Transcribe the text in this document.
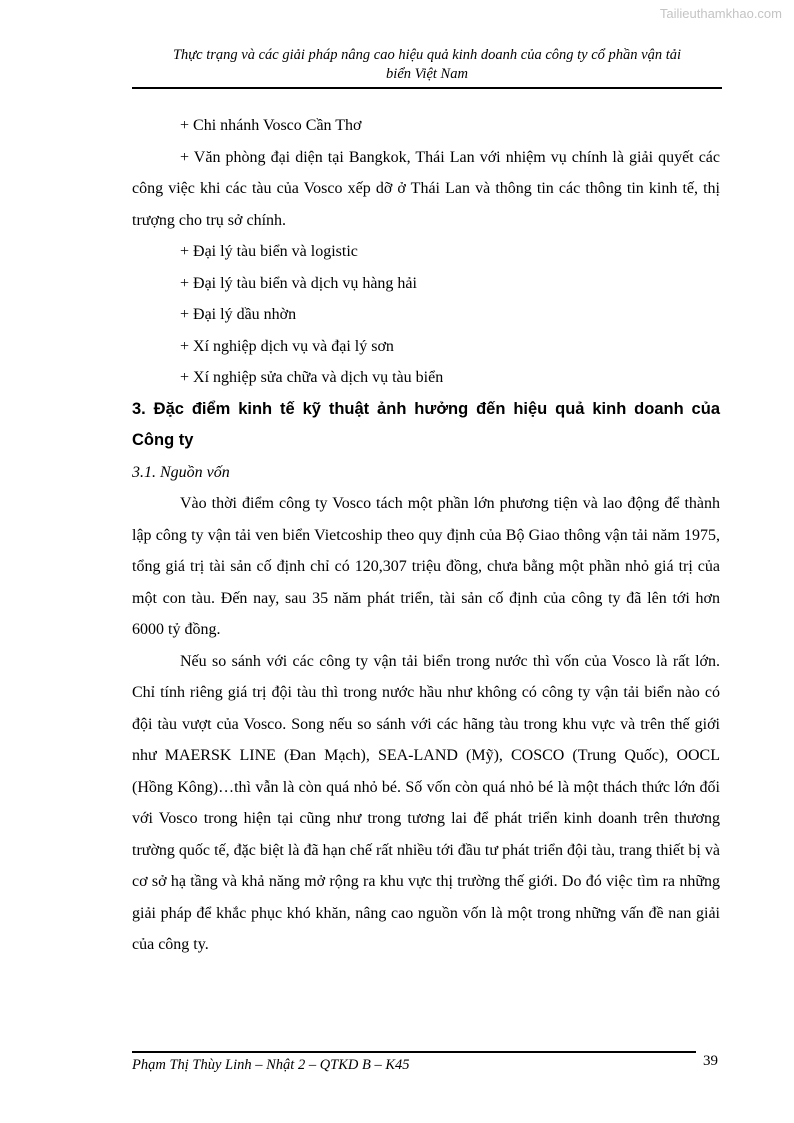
Tailieuthamkhao.com
Thực trạng và các giải pháp nâng cao hiệu quả kinh doanh của công ty cổ phần vận tải
biển Việt Nam
+ Chi nhánh Vosco Cần Thơ

+ Văn phòng đại diện tại Bangkok, Thái Lan với nhiệm vụ chính là giải quyết các công việc khi các tàu của Vosco xếp dỡ ở Thái Lan và thông tin các thông tin kinh tế, thị trượng cho trụ sở chính.

+ Đại lý tàu biển và logistic
+ Đại lý tàu biển và dịch vụ hàng hải
+ Đại lý dầu nhờn
+ Xí nghiệp dịch vụ và đại lý sơn
+ Xí nghiệp sửa chữa và dịch vụ tàu biển

3. Đặc điểm kinh tế kỹ thuật ảnh hưởng đến hiệu quả kinh doanh của Công ty

3.1. Nguồn vốn

Vào thời điểm công ty Vosco tách một phần lớn phương tiện và lao động để thành lập công ty vận tải ven biển Vietcoship theo quy định của Bộ Giao thông vận tải năm 1975, tổng giá trị tài sản cố định chỉ có 120,307 triệu đồng, chưa bằng một phần nhỏ giá trị của một con tàu. Đến nay, sau 35 năm phát triển, tài sản cố định của công ty đã lên tới hơn 6000 tỷ đồng.

Nếu so sánh với các công ty vận tải biển trong nước thì vốn của Vosco là rất lớn. Chỉ tính riêng giá trị đội tàu thì trong nước hầu như không có công ty vận tải biển nào có đội tàu vượt của Vosco. Song nếu so sánh với các hãng tàu trong khu vực và trên thế giới như MAERSK LINE (Đan Mạch), SEA-LAND (Mỹ), COSCO (Trung Quốc), OOCL (Hồng Kông)…thì vẫn là còn quá nhỏ bé. Số vốn còn quá nhỏ bé là một thách thức lớn đối với Vosco trong hiện tại cũng như trong tương lai để phát triển kinh doanh trên thương trường quốc tế, đặc biệt là đã hạn chế rất nhiều tới đầu tư phát triển đội tàu, trang thiết bị và cơ sở hạ tầng và khả năng mở rộng ra khu vực thị trường thế giới. Do đó việc tìm ra những giải pháp để khắc phục khó khăn, nâng cao nguồn vốn là một trong những vấn đề nan giải của công ty.

Phạm Thị Thùy Linh – Nhật 2 – QTKD B – K45	39
